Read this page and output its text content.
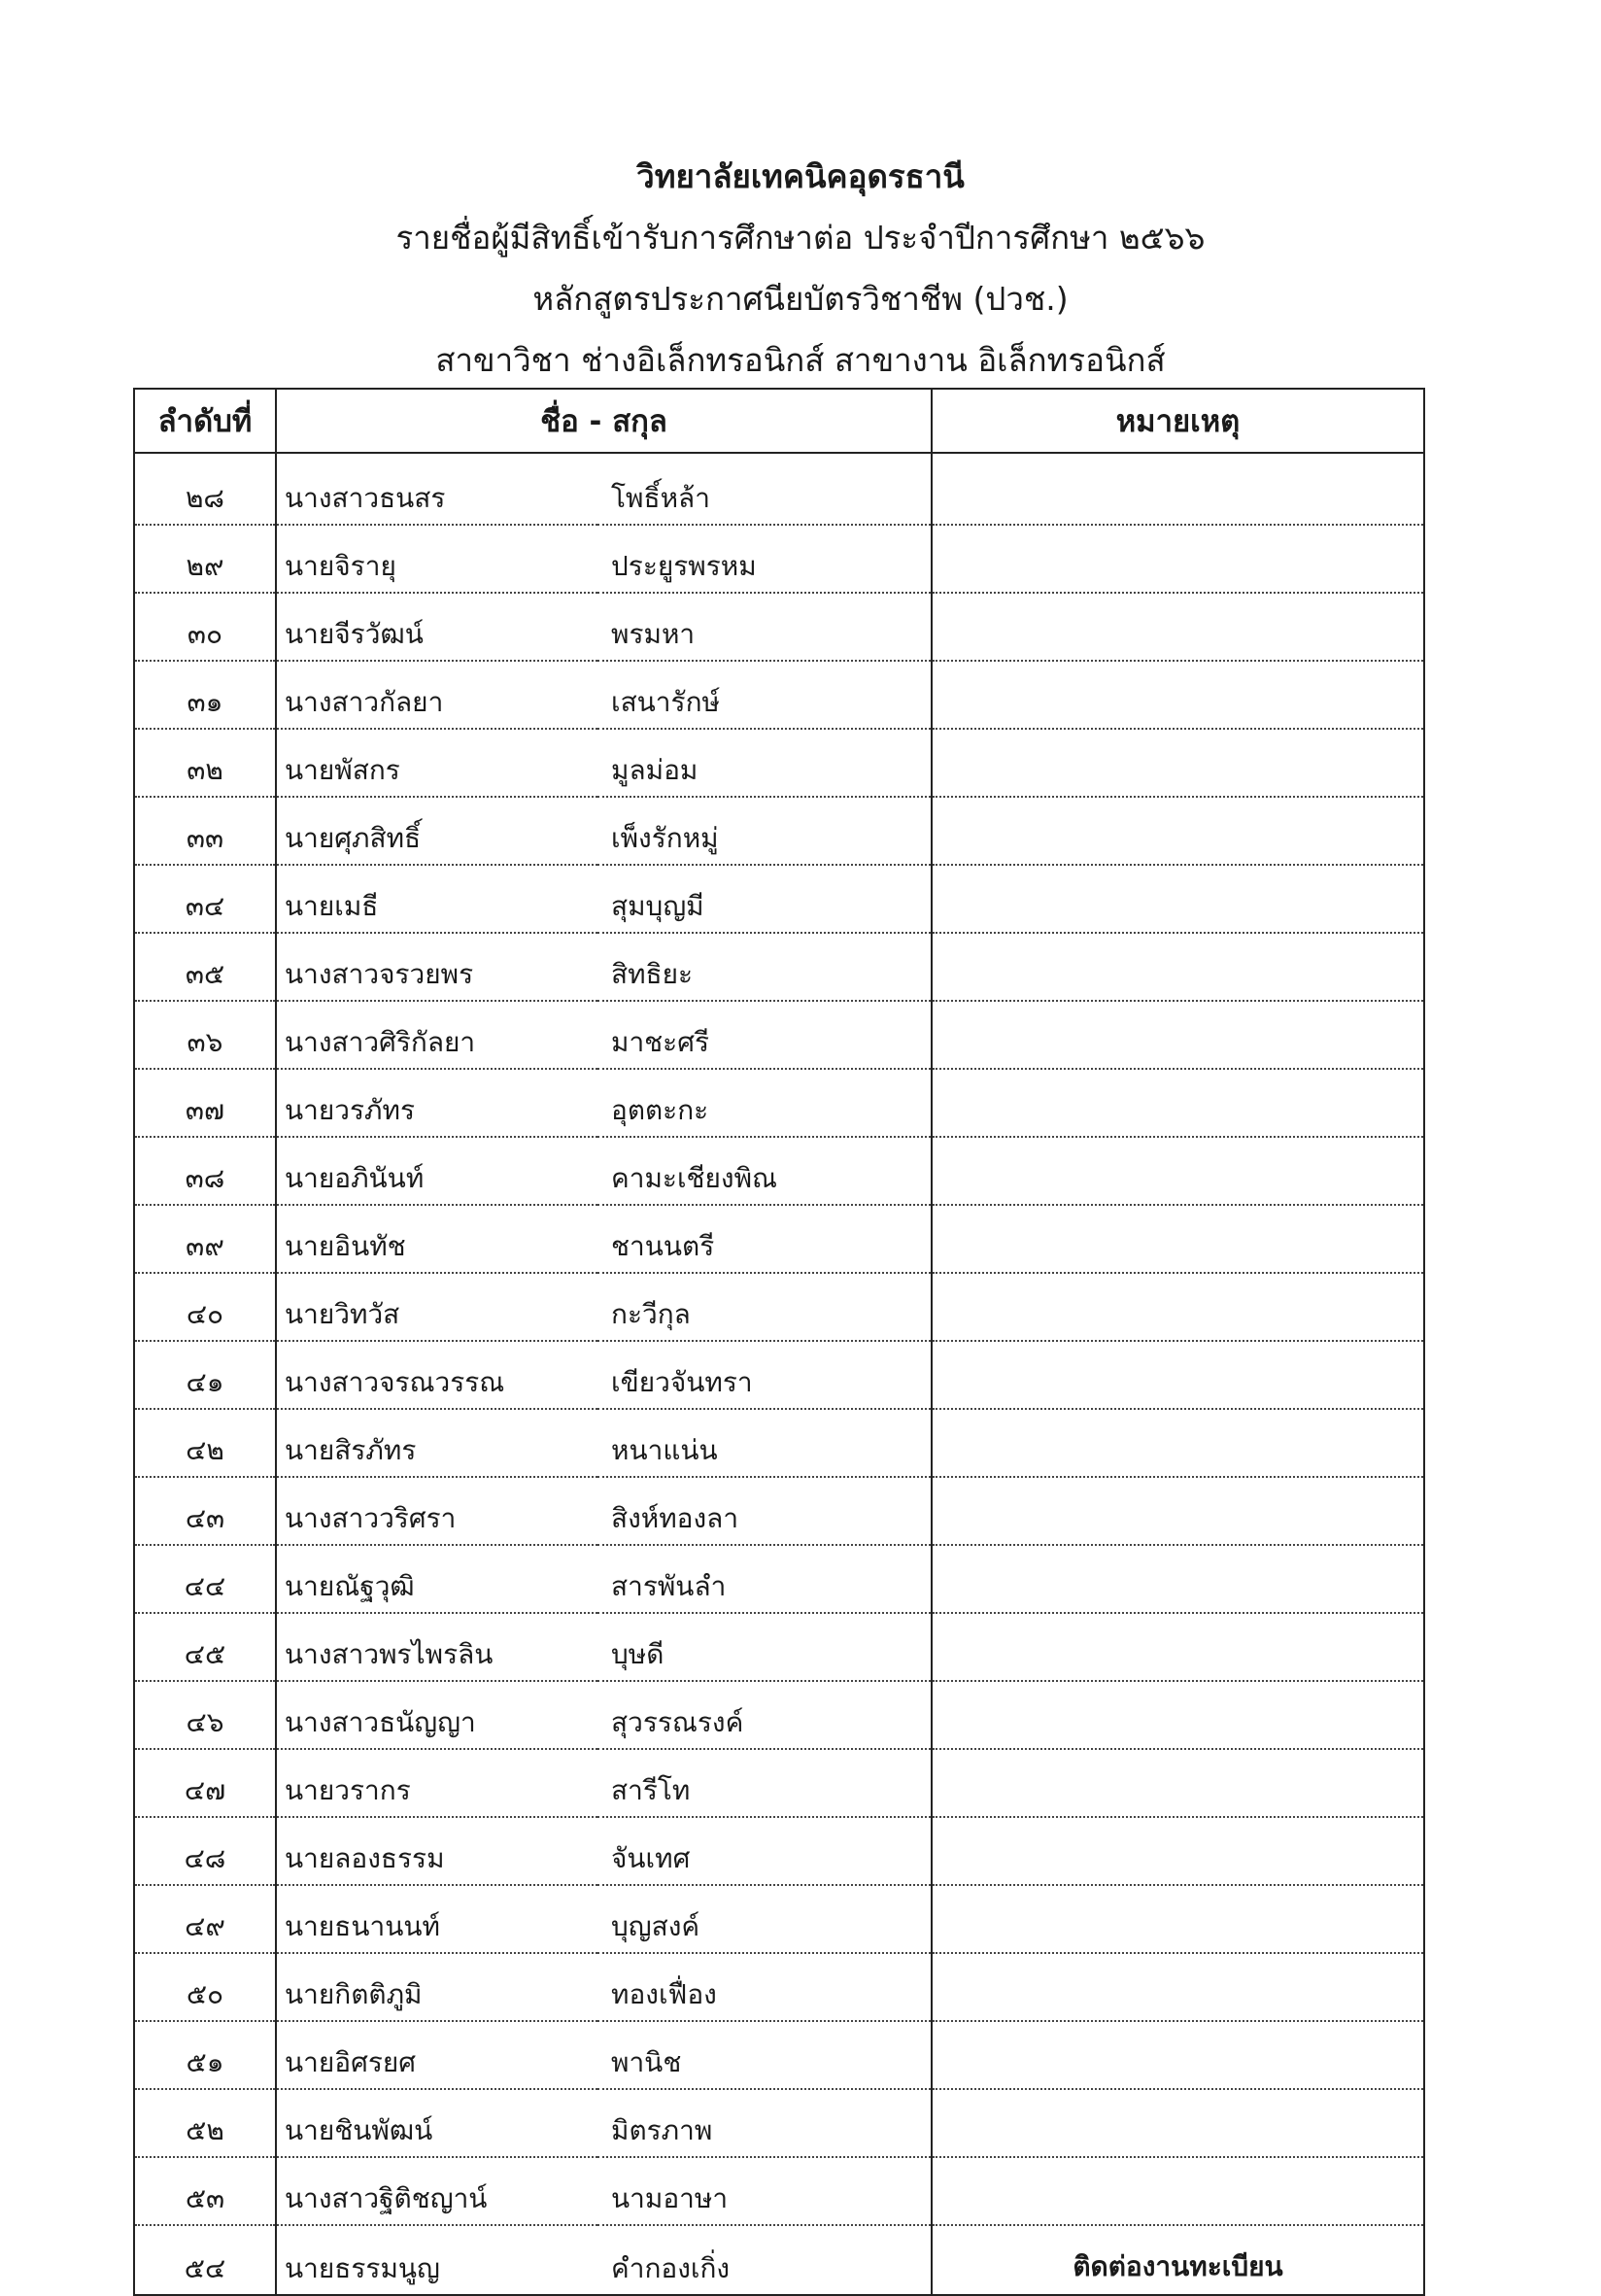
วิทยาลัยเทคนิคอุดรธานี
รายชื่อผู้มีสิทธิ์เข้ารับการศึกษาต่อ ประจำปีการศึกษา ๒๕๖๖
หลักสูตรประกาศนียบัตรวิชาชีพ (ปวช.)
สาขาวิชา ช่างอิเล็กทรอนิกส์ สาขางาน อิเล็กทรอนิกส์
ลำดับที่	ชื่อ - สกุล		หมายเหตุ
๒๘	นางสาวธนสร	โพธิ์หล้า	
๒๙	นายจิรายุ	ประยูรพรหม	
๓๐	นายจีรวัฒน์	พรมหา	
๓๑	นางสาวกัลยา	เสนารักษ์	
๓๒	นายพัสกร	มูลม่อม	
๓๓	นายศุภสิทธิ์	เพ็งรักหมู่	
๓๔	นายเมธี	สุมบุญมี	
๓๕	นางสาวจรวยพร	สิทธิยะ	
๓๖	นางสาวศิริกัลยา	มาชะศรี	
๓๗	นายวรภัทร	อุตตะกะ	
๓๘	นายอภินันท์	คามะเชียงพิณ	
๓๙	นายอินทัช	ชานนตรี	
๔๐	นายวิทวัส	กะวีกุล	
๔๑	นางสาวจรณวรรณ	เขียวจันทรา	
๔๒	นายสิรภัทร	หนาแน่น	
๔๓	นางสาววริศรา	สิงห์ทองลา	
๔๔	นายณัฐวุฒิ	สารพันลำ	
๔๕	นางสาวพรไพรลิน	บุษดี	
๔๖	นางสาวธนัญญา	สุวรรณรงค์	
๔๗	นายวรากร	สารีโท	
๔๘	นายลองธรรม	จันเทศ	
๔๙	นายธนานนท์	บุญสงค์	
๕๐	นายกิตติภูมิ	ทองเฟื่อง	
๕๑	นายอิศรยศ	พานิช	
๕๒	นายชินพัฒน์	มิตรภาพ	
๕๓	นางสาวฐิติชญาน์	นามอาษา	
๕๔	นายธรรมนูญ	คำกองเกิ่ง	ติดต่องานทะเบียน
